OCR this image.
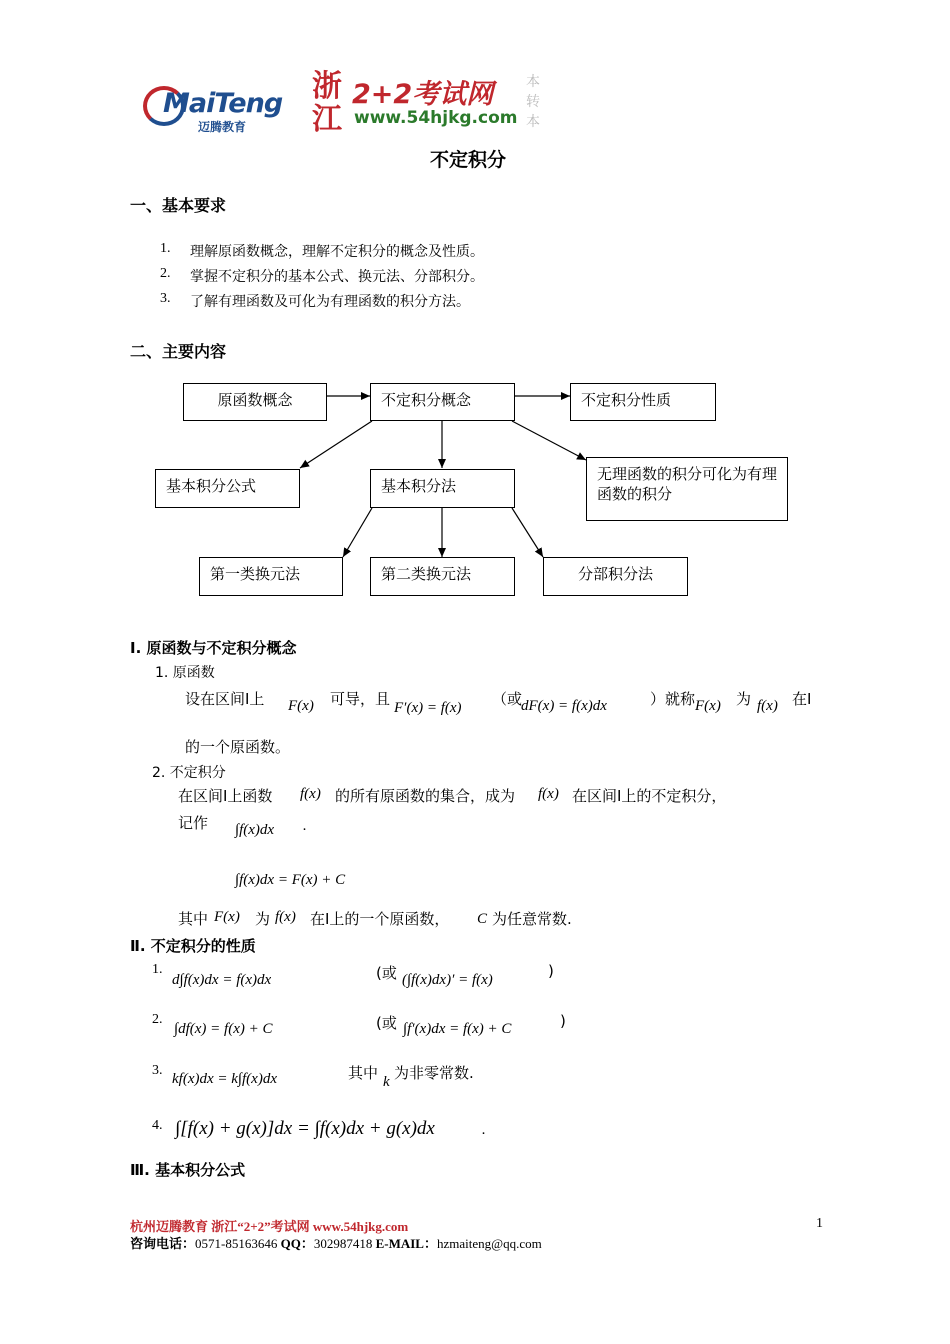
MaiTeng
迈腾教育
浙江
2+2考试网
www.54hjkg.com
本转本
不定积分
一、基本要求
1. 理解原函数概念，理解不定积分的概念及性质。
2. 掌握不定积分的基本公式、换元法、分部积分。
3. 了解有理函数及可化为有理函数的积分方法。
二、主要内容
原函数概念	不定积分概念	不定积分性质
基本积分公式	基本积分法
无理函数的积分可化为有理函数的积分
第一类换元法	第二类换元法	分部积分法
Ⅰ. 原函数与不定积分概念
1. 原函数
设在区间Ⅰ上 F(x) 可导，且 F′(x) = f(x) （或
dF(x) = f(x)dx	）就称 F(x) 为 f(x) 在Ⅰ
的一个原函数。
2. 不定积分
在区间Ⅰ上函数 f(x) 的所有原函数的集合，成为 f(x) 在区间Ⅰ上的不定积分，
记作 ∫f(x)dx .
∫f(x)dx = F(x) + C
其中 F(x) 为 f(x) 在Ⅰ上的一个原函数， C 为任意常数.
Ⅱ. 不定积分的性质
1.
d∫f(x)dx = f(x)dx	(或 (∫f(x)dx)′ = f(x)	)
2.
∫df(x) = f(x) + C	(或 ∫f′(x)dx = f(x) + C	)
3.
kf(x)dx = k∫f(x)dx	其中 k 为非零常数.
4. ∫[f(x) + g(x)]dx = ∫f(x)dx + g(x)dx	.
Ⅲ. 基本积分公式
杭州迈腾教育 浙江“2+2”考试网 www.54hjkg.com
咨询电话：0571-85163646 QQ：302987418 E-MAIL：hzmaiteng@qq.com
1
